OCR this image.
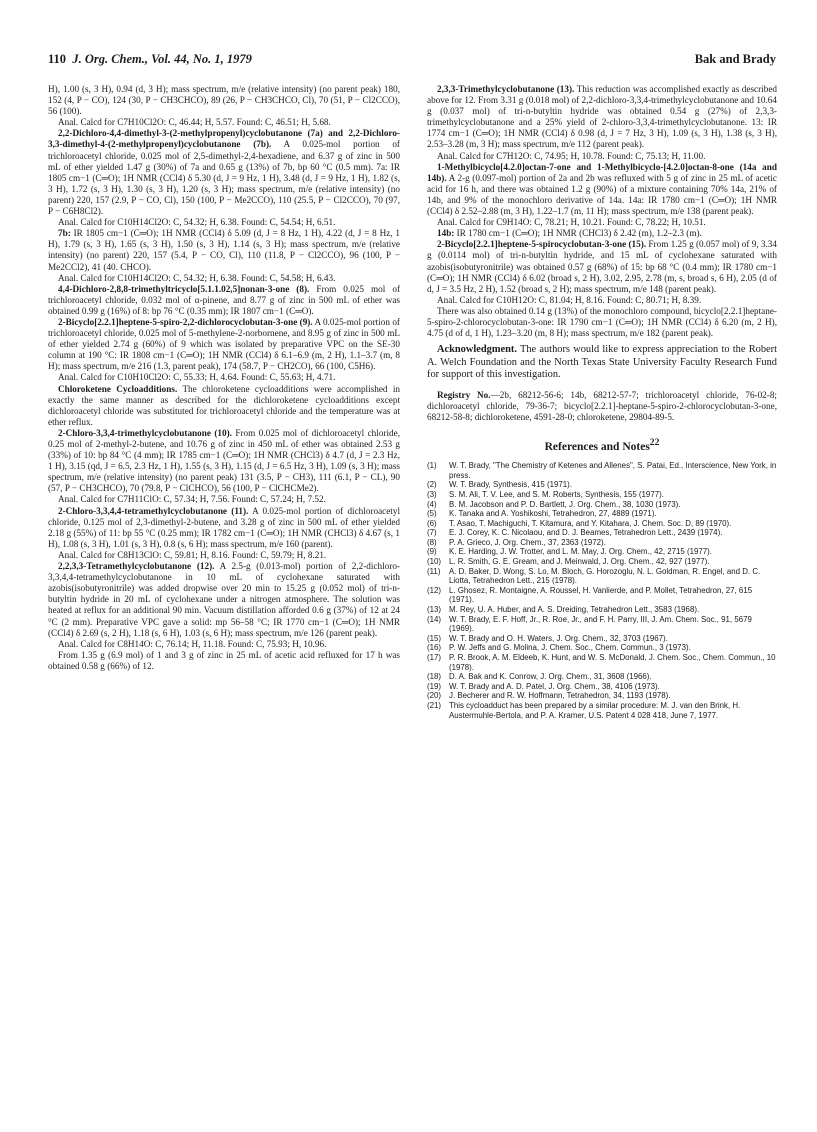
110 J. Org. Chem., Vol. 44, No. 1, 1979	Bak and Brady

H), 1.00 (s, 3 H), 0.94 (d, 3 H); mass spectrum, m/e (relative intensity) (no parent peak) 180, 152 (4, P − CO), 124 (30, P − CH3CHCO), 89 (26, P − CH3CHCO, Cl), 70 (51, P − Cl2CCO), 56 (100).

Anal. Calcd for C7H10Cl2O: C, 46.44; H, 5.57. Found: C, 46.51; H, 5.68.

2,2-Dichloro-4,4-dimethyl-3-(2-methylpropenyl)cyclobutanone (7a) and 2,2-Dichloro-3,3-dimethyl-4-(2-methylpropenyl)cyclobutanone (7b). A 0.025-mol portion of trichloroacetyl chloride, 0.025 mol of 2,5-dimethyl-2,4-hexadiene, and 6.37 g of zinc in 500 mL of ether yielded 1.47 g (30%) of 7a and 0.65 g (13%) of 7b, bp 60 °C (0.5 mm). 7a: IR 1805 cm−1 (C═O); 1H NMR (CCl4) δ 5.30 (d, J = 9 Hz, 1 H), 3.48 (d, J = 9 Hz, 1 H), 1.82 (s, 3 H), 1.72 (s, 3 H), 1.30 (s, 3 H), 1.20 (s, 3 H); mass spectrum, m/e (relative intensity) (no parent) 220, 157 (2.9, P − CO, Cl), 150 (100, P − Me2CCO), 110 (25.5, P − Cl2CCO), 70 (97, P − C6H8Cl2).

Anal. Calcd for C10H14Cl2O: C, 54.32; H, 6.38. Found: C, 54.54; H, 6.51.

7b: IR 1805 cm−1 (C═O); 1H NMR (CCl4) δ 5.09 (d, J = 8 Hz, 1 H), 4.22 (d, J = 8 Hz, 1 H), 1.79 (s, 3 H), 1.65 (s, 3 H), 1.50 (s, 3 H), 1.14 (s, 3 H); mass spectrum, m/e (relative intensity) (no parent) 220, 157 (5.4, P − CO, Cl), 110 (11.8, P − Cl2CCO), 96 (100, P − Me2CCl2), 41 (40. CHCO).

Anal. Calcd for C10H14Cl2O: C, 54.32; H, 6.38. Found: C, 54.58; H, 6.43.

4,4-Dichloro-2,8,8-trimethyltricyclo[5.1.1.02,5]nonan-3-one (8). From 0.025 mol of trichloroacetyl chloride, 0.032 mol of α-pinene, and 8.77 g of zinc in 500 mL of ether was obtained 0.99 g (16%) of 8: bp 76 °C (0.35 mm); IR 1807 cm−1 (C═O).

2-Bicyclo[2.2.1]heptene-5-spiro-2,2-dichlorocyclobutan-3-one (9). A 0.025-mol portion of trichloroacetyl chloride, 0.025 mol of 5-methylene-2-norbornene, and 8.95 g of zinc in 500 mL of ether yielded 2.74 g (60%) of 9 which was isolated by preparative VPC on the SE-30 column at 190 °C: IR 1808 cm−1 (C═O); 1H NMR (CCl4) δ 6.1–6.9 (m, 2 H), 1.1–3.7 (m, 8 H); mass spectrum, m/e 216 (1.3, parent peak), 174 (58.7, P − CH2CO), 66 (100, C5H6).

Anal. Calcd for C10H10Cl2O: C, 55.33; H, 4.64. Found: C, 55.63; H, 4.71.

Chloroketene Cycloadditions. The chloroketene cycloadditions were accomplished in exactly the same manner as described for the dichloroketene cycloadditions except dichloroacetyl chloride was substituted for trichloroacetyl chloride and the temperature was at ether reflux.

2-Chloro-3,3,4-trimethylcyclobutanone (10). From 0.025 mol of dichloroacetyl chloride, 0.25 mol of 2-methyl-2-butene, and 10.76 g of zinc in 450 mL of ether was obtained 2.53 g (33%) of 10: bp 84 °C (4 mm); IR 1785 cm−1 (C═O); 1H NMR (CHCl3) δ 4.7 (d, J = 2.3 Hz, 1 H), 3.15 (qd, J = 6.5, 2.3 Hz, 1 H), 1.55 (s, 3 H), 1.15 (d, J = 6.5 Hz, 3 H), 1.09 (s, 3 H); mass spectrum, m/e (relative intensity) (no parent peak) 131 (3.5, P − CH3), 111 (6.1, P − CL), 90 (57, P − CH3CHCO), 70 (79.8, P − ClCHCO), 56 (100, P − ClCHCMe2).

Anal. Calcd for C7H11ClO: C, 57.34; H, 7.56. Found: C, 57.24; H, 7.52.

2-Chloro-3,3,4,4-tetramethylcyclobutanone (11). A 0.025-mol portion of dichloroacetyl chloride, 0.125 mol of 2,3-dimethyl-2-butene, and 3.28 g of zinc in 500 mL of ether yielded 2.18 g (55%) of 11: bp 55 °C (0.25 mm); IR 1782 cm−1 (C═O); 1H NMR (CHCl3) δ 4.67 (s, 1 H), 1.08 (s, 3 H), 1.01 (s, 3 H), 0.8 (s, 6 H); mass spectrum, m/e 160 (parent).

Anal. Calcd for C8H13ClO: C, 59.81; H, 8.16. Found: C, 59.79; H, 8.21.

2,2,3,3-Tetramethylcyclobutanone (12). A 2.5-g (0.013-mol) portion of 2,2-dichloro-3,3,4,4-tetramethylcyclobutanone in 10 mL of cyclohexane saturated with azobis(isobutyronitrile) was added dropwise over 20 min to 15.25 g (0.052 mol) of tri-n-butyltin hydride in 20 mL of cyclohexane under a nitrogen atmosphere. The solution was heated at reflux for an additional 90 min. Vacuum distillation afforded 0.6 g (37%) of 12 at 24 °C (2 mm). Preparative VPC gave a solid: mp 56–58 °C; IR 1770 cm−1 (C═O); 1H NMR (CCl4) δ 2.69 (s, 2 H), 1.18 (s, 6 H), 1.03 (s, 6 H); mass spectrum, m/e 126 (parent peak).

Anal. Calcd for C8H14O: C, 76.14; H, 11.18. Found: C, 75.93; H, 10.96.

From 1.35 g (6.9 mol) of 1 and 3 g of zinc in 25 mL of acetic acid refluxed for 17 h was obtained 0.58 g (66%) of 12.

2,3,3-Trimethylcyclobutanone (13). This reduction was accomplished exactly as described above for 12. From 3.31 g (0.018 mol) of 2,2-dichloro-3,3,4-trimethylcyclobutanone and 10.64 g (0.037 mol) of tri-n-butyltin hydride was obtained 0.54 g (27%) of 2,3,3-trimethylcyclobutanone and a 25% yield of 2-chloro-3,3,4-trimethylcyclobutanone. 13: IR 1774 cm−1 (C═O); 1H NMR (CCl4) δ 0.98 (d, J = 7 Hz, 3 H), 1.09 (s, 3 H), 1.38 (s, 3 H), 2.53–3.28 (m, 3 H); mass spectrum, m/e 112 (parent peak).

Anal. Calcd for C7H12O: C, 74.95; H, 10.78. Found: C, 75.13; H, 11.00.

1-Methylbicyclo[4.2.0]octan-7-one and 1-Methylbicyclo-[4.2.0]octan-8-one (14a and 14b). A 2-g (0.097-mol) portion of 2a and 2b was refluxed with 5 g of zinc in 25 mL of acetic acid for 16 h, and there was obtained 1.2 g (90%) of a mixture containing 70% 14a, 21% of 14b, and 9% of the monochloro derivative of 14a. 14a: IR 1780 cm−1 (C═O); 1H NMR (CCl4) δ 2.52–2.88 (m, 3 H), 1.22–1.7 (m, 11 H); mass spectrum, m/e 138 (parent peak).

Anal. Calcd for C9H14O: C, 78.21; H, 10.21. Found: C, 78.22; H, 10.51.

14b: IR 1780 cm−1 (C═O); 1H NMR (CHCl3) δ 2.42 (m), 1.2–2.3 (m).

2-Bicyclo[2.2.1]heptene-5-spirocyclobutan-3-one (15). From 1.25 g (0.057 mol) of 9, 3.34 g (0.0114 mol) of tri-n-butyltin hydride, and 15 mL of cyclohexane saturated with azobis(isobutyronitrile) was obtained 0.57 g (68%) of 15: bp 68 °C (0.4 mm); IR 1780 cm−1 (C═O); 1H NMR (CCl4) δ 6.02 (broad s, 2 H), 3.02, 2.95, 2.78 (m, s, broad s, 6 H), 2.05 (d of d, J = 3.5 Hz, 2 H), 1.52 (broad s, 2 H); mass spectrum, m/e 148 (parent peak).

Anal. Calcd for C10H12O: C, 81.04; H, 8.16. Found: C, 80.71; H, 8.39.

There was also obtained 0.14 g (13%) of the monochloro compound, bicyclo[2.2.1]heptane-5-spiro-2-chlorocyclobutan-3-one: IR 1790 cm−1 (C═O); 1H NMR (CCl4) δ 6.20 (m, 2 H), 4.75 (d of d, 1 H), 1.23–3.20 (m, 8 H); mass spectrum, m/e 182 (parent peak).

Acknowledgment. The authors would like to express appreciation to the Robert A. Welch Foundation and the North Texas State University Faculty Research Fund for support of this investigation.

Registry No.—2b, 68212-56-6; 14b, 68212-57-7; trichloroacetyl chloride, 76-02-8; dichloroacetyl chloride, 79-36-7; bicyclo[2.2.1]-heptane-5-spiro-2-chlorocyclobutan-3-one, 68212-58-8; dichloroketene, 4591-28-0; chloroketene, 29804-89-5.

References and Notes$^{22}$
(1) W. T. Brady, "The Chemistry of Ketenes and Allenes", S. Patai, Ed., Interscience, New York, in press.
(2) W. T. Brady, Synthesis, 415 (1971).
(3) S. M. Ali, T. V. Lee, and S. M. Roberts, Synthesis, 155 (1977).
(4) B. M. Jacobson and P. D. Bartlett, J. Org. Chem., 38, 1030 (1973).
(5) K. Tanaka and A. Yoshikoshi, Tetrahedron, 27, 4889 (1971).
(6) T. Asao, T. Machiguchi, T. Kitamura, and Y. Kitahara, J. Chem. Soc. D, 89 (1970).
(7) E. J. Corey, K. C. Nicolaou, and D. J. Beames, Tetrahedron Lett., 2439 (1974).
(8) P. A. Grieco, J. Org. Chem., 37, 2363 (1972).
(9) K. E. Harding, J. W. Trotter, and L. M. May, J. Org. Chem., 42, 2715 (1977).
(10) L. R. Smith, G. E. Gream, and J. Meinwald, J. Org. Chem., 42, 927 (1977).
(11) A. D. Baker, D. Wong, S. Lo, M. Bloch, G. Horozoglu, N. L. Goldman, R. Engel, and D. C. Liotta, Tetrahedron Lett., 215 (1978).
(12) L. Ghosez, R. Montaigne, A. Roussel, H. Vanlierde, and P. Mollet, Tetrahedron, 27, 615 (1971).
(13) M. Rey, U. A. Huber, and A. S. Dreiding, Tetrahedron Lett., 3583 (1968).
(14) W. T. Brady, E. F. Hoff, Jr., R. Roe, Jr., and F. H. Parry, III, J. Am. Chem. Soc., 91, 5679 (1969).
(15) W. T. Brady and O. H. Waters, J. Org. Chem., 32, 3703 (1967).
(16) P. W. Jeffs and G. Molina, J. Chem. Soc., Chem. Commun., 3 (1973).
(17) P. R. Brook, A. M. Eldeeb, K. Hunt, and W. S. McDonald, J. Chem. Soc., Chem. Commun., 10 (1978).
(18) D. A. Bak and K. Conrow, J. Org. Chem., 31, 3608 (1966).
(19) W. T. Brady and A. D. Patel, J. Org. Chem., 38, 4106 (1973).
(20) J. Becherer and R. W. Hoffmann, Tetrahedron, 34, 1193 (1978).
(21) This cycloadduct has been prepared by a similar procedure: M. J. van den Brink, H. Austermuhle-Bertola, and P. A. Kramer, U.S. Patent 4 028 418, June 7, 1977.
